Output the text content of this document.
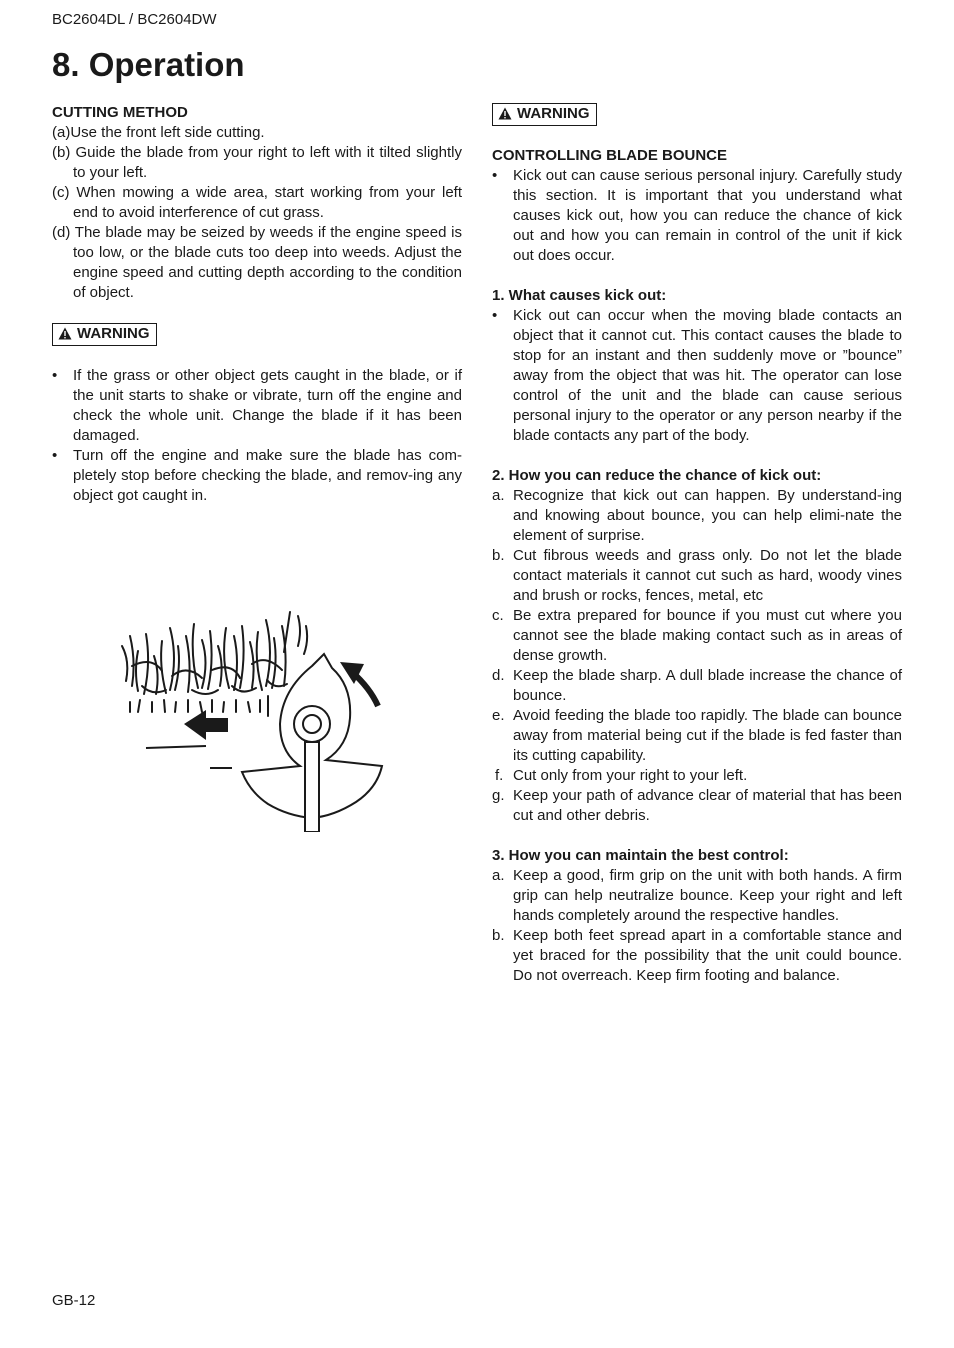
BC2604DL / BC2604DW
8. Operation

CUTTING METHOD

(a)Use the front left side cutting.

(b) Guide the blade from your right to left with it tilted slightly to your left.
(c) When mowing a wide area, start working from your left end to avoid interference of cut grass.
(d) The blade may be seized by weeds if the engine speed is too low, or the blade cuts too deep into weeds. Adjust the engine speed and cutting depth according to the condition of object.
WARNING
• If the grass or other object gets caught in the blade, or if the unit starts to shake or vibrate, turn off the engine and check the whole unit. Change the blade if it has been damaged.
• Turn off the engine and make sure the blade has com-pletely stop before checking the blade, and remov-ing any object got caught in.
WARNING

CONTROLLING BLADE BOUNCE

• Kick out can cause serious personal injury. Carefully study this section. It is important that you understand what causes kick out, how you can reduce the chance of kick out and how you can remain in control of the unit if kick out does occur.

1. What causes kick out:

• Kick out can occur when the moving blade contacts an object that it cannot cut. This contact causes the blade to stop for an instant and then suddenly move or ”bounce” away from the object that was hit. The operator can lose control of the unit and the blade can cause serious personal injury to the operator or any person nearby if the blade contacts any part of the body.

2. How you can reduce the chance of kick out:

a. Recognize that kick out can happen. By understand-ing and knowing about bounce, you can help elimi-nate the element of surprise.
b. Cut fibrous weeds and grass only. Do not let the blade contact materials it cannot cut such as hard, woody vines and brush or rocks, fences, metal, etc
c. Be extra prepared for bounce if you must cut where you cannot see the blade making contact such as in areas of dense growth.
d. Keep the blade sharp. A dull blade increase the chance of bounce.
e. Avoid feeding the blade too rapidly. The blade can bounce away from material being cut if the blade is fed faster than its cutting capability.
f. Cut only from your right to your left.
g. Keep your path of advance clear of material that has been cut and other debris.

3. How you can maintain the best control:

a. Keep a good, firm grip on the unit with both hands. A firm grip can help neutralize bounce. Keep your right and left hands completely around the respective handles.
b. Keep both feet spread apart in a comfortable stance and yet braced for the possibility that the unit could bounce. Do not overreach. Keep firm footing and balance.
GB-12
